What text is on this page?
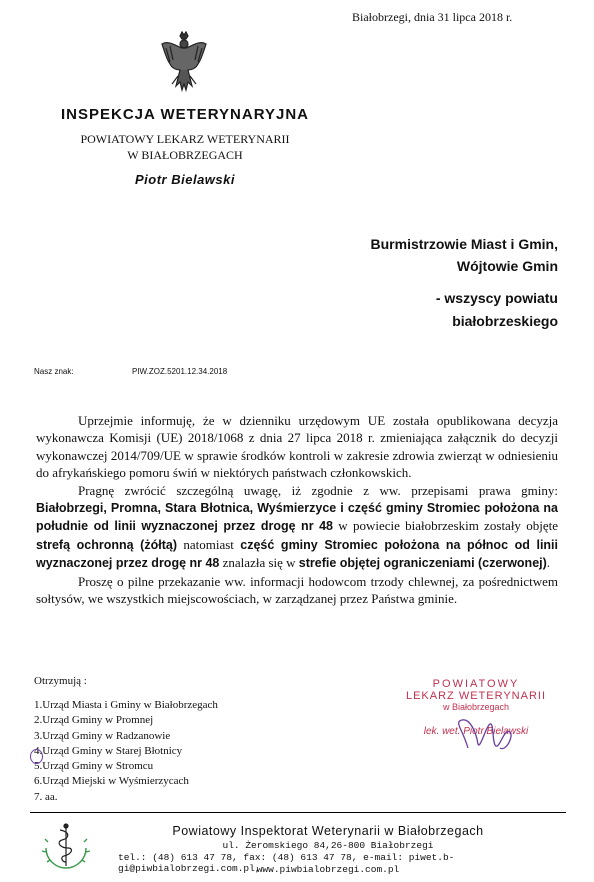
Białobrzegi, dnia 31 lipca 2018 r.
INSPEKCJA WETERYNARYJNA
POWIATOWY LEKARZ WETERYNARII
W BIAŁOBRZEGACH
Piotr Bielawski
Burmistrzowie Miast i Gmin,
Wójtowie Gmin
- wszyscy powiatu
białobrzeskiego
Nasz znak:	PIW.ZOZ.5201.12.34.2018

Uprzejmie informuję, że w dzienniku urzędowym UE została opublikowana decyzja wykonawcza Komisji (UE) 2018/1068 z dnia 27 lipca 2018 r. zmieniająca załącznik do decyzji wykonawczej 2014/709/UE w sprawie środków kontroli w zakresie zdrowia zwierząt w odniesieniu do afrykańskiego pomoru świń w niektórych państwach członkowskich.

Pragnę zwrócić szczególną uwagę, iż zgodnie z ww. przepisami prawa gminy: Białobrzegi, Promna, Stara Błotnica, Wyśmierzyce i część gminy Stromiec położona na południe od linii wyznaczonej przez drogę nr 48 w powiecie białobrzeskim zostały objęte strefą ochronną (żółtą) natomiast część gminy Stromiec położona na północ od linii wyznaczonej przez drogę nr 48 znalazła się w strefie objętej ograniczeniami (czerwonej).

Proszę o pilne przekazanie ww. informacji hodowcom trzody chlewnej, za pośrednictwem sołtysów, we wszystkich miejscowościach, w zarządzanej przez Państwa gminie.

Otrzymują :
1.Urząd Miasta i Gminy w Białobrzegach
2.Urząd Gminy w Promnej
3.Urząd Gminy w Radzanowie
4.Urząd Gminy w Starej Błotnicy
5.Urząd Gminy w Stromcu
6.Urząd Miejski w Wyśmierzycach
7. aa.
POWIATOWY
LEKARZ WETERYNARII
w Białobrzegach
lek. wet. Piotr Bielawski
Powiatowy Inspektorat Weterynarii w Białobrzegach
ul. Żeromskiego 84,26-800 Białobrzegi
tel.: (48) 613 47 78, fax: (48) 613 47 78, e-mail: piwet.b-gi@piwbialobrzegi.com.pl,
www.piwbialobrzegi.com.pl
